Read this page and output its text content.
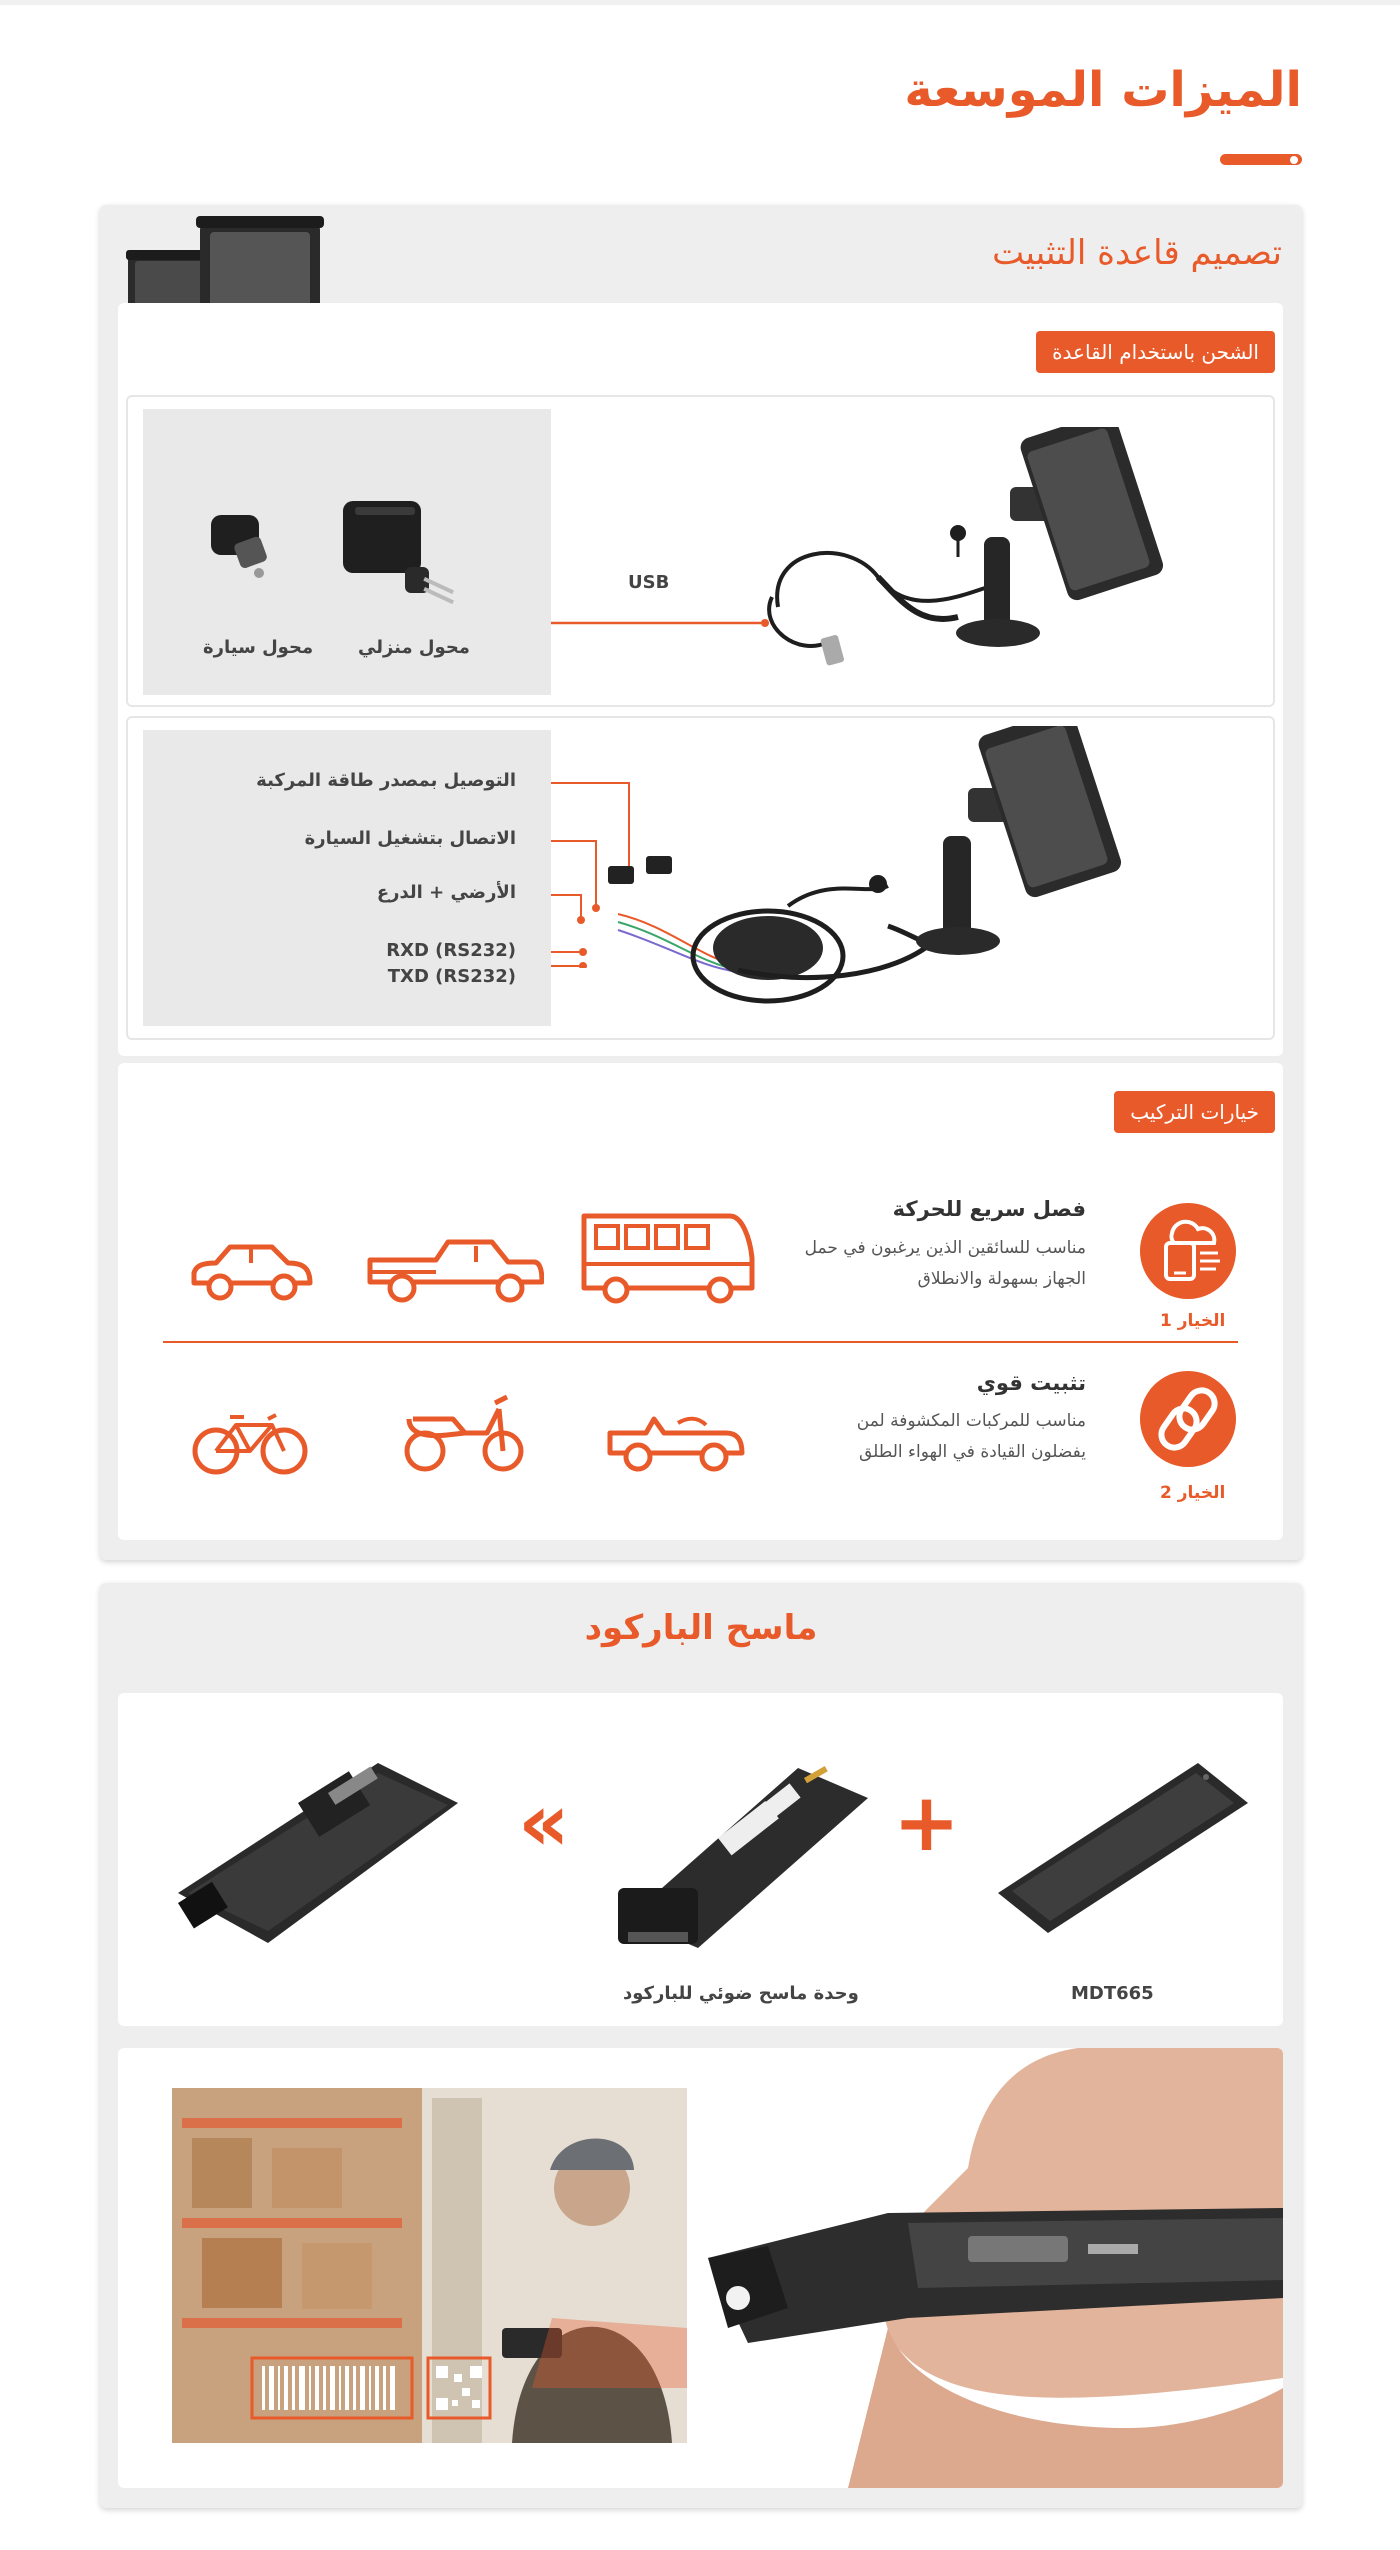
الميزات الموسعة
تصميم قاعدة التثبيت
الشحن باستخدام القاعدة
محول منزلي
محول سيارة
USB
التوصيل بمصدر طاقة المركبة
الاتصال بتشغيل السيارة
الأرضي + الدرع
RXD (RS232)
TXD (RS232)
خيارات التركيب
الخيار 1
فصل سريع للحركة
مناسب للسائقين الذين يرغبون في حمل
الجهاز بسهولة والانطلاق
الخيار 2
تثبيت قوي
مناسب للمركبات المكشوفة لمن
يفضلون القيادة في الهواء الطلق
ماسح الباركود
«	+
وحدة ماسح ضوئي للباركود	MDT665
